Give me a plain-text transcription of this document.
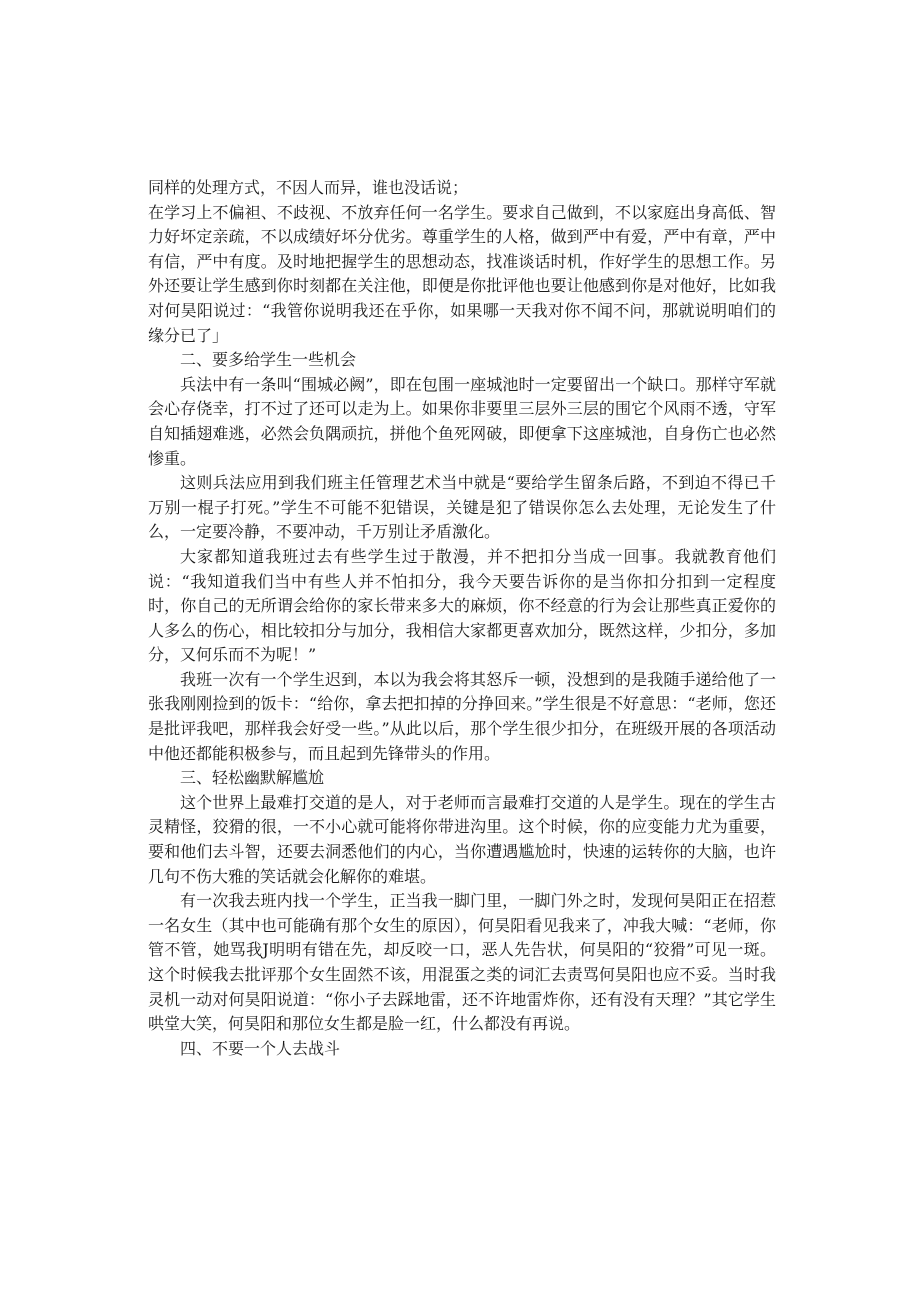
同样的处理方式，不因人而异，谁也没话说；

在学习上不偏袒、不歧视、不放弃任何一名学生。要求自己做到，不以家庭出身高低、智力好坏定亲疏，不以成绩好坏分优劣。尊重学生的人格，做到严中有爱，严中有章，严中有信，严中有度。及时地把握学生的思想动态，找准谈话时机，作好学生的思想工作。另外还要让学生感到你时刻都在关注他，即便是你批评他也要让他感到你是对他好，比如我对何昊阳说过：“我管你说明我还在乎你，如果哪一天我对你不闻不问，那就说明咱们的缘分已了」

二、要多给学生一些机会

兵法中有一条叫“围城必阙”，即在包围一座城池时一定要留出一个缺口。那样守军就会心存侥幸，打不过了还可以走为上。如果你非要里三层外三层的围它个风雨不透，守军自知插翅难逃，必然会负隅顽抗，拼他个鱼死网破，即便拿下这座城池，自身伤亡也必然惨重。

这则兵法应用到我们班主任管理艺术当中就是“要给学生留条后路，不到迫不得已千万别一棍子打死。”学生不可能不犯错误，关键是犯了错误你怎么去处理，无论发生了什么，一定要冷静，不要冲动，千万别让矛盾激化。

大家都知道我班过去有些学生过于散漫，并不把扣分当成一回事。我就教育他们说：“我知道我们当中有些人并不怕扣分，我今天要告诉你的是当你扣分扣到一定程度时，你自己的无所谓会给你的家长带来多大的麻烦，你不经意的行为会让那些真正爱你的人多么的伤心，相比较扣分与加分，我相信大家都更喜欢加分，既然这样，少扣分，多加分，又何乐而不为呢！”

我班一次有一个学生迟到，本以为我会将其怒斥一顿，没想到的是我随手递给他了一张我刚刚捡到的饭卡：“给你，拿去把扣掉的分挣回来。”学生很是不好意思：“老师，您还是批评我吧，那样我会好受一些。”从此以后，那个学生很少扣分，在班级开展的各项活动中他还都能积极参与，而且起到先锋带头的作用。

三、轻松幽默解尴尬

这个世界上最难打交道的是人，对于老师而言最难打交道的人是学生。现在的学生古灵精怪，狡猾的很，一不小心就可能将你带进沟里。这个时候，你的应变能力尤为重要，要和他们去斗智，还要去洞悉他们的内心，当你遭遇尴尬时，快速的运转你的大脑，也许几句不伤大雅的笑话就会化解你的难堪。

有一次我去班内找一个学生，正当我一脚门里，一脚门外之时，发现何昊阳正在招惹一名女生（其中也可能确有那个女生的原因），何昊阳看见我来了，冲我大喊：“老师，你管不管，她骂我J明明有错在先，却反咬一口，恶人先告状，何昊阳的“狡猾”可见一斑。这个时候我去批评那个女生固然不该，用混蛋之类的词汇去责骂何昊阳也应不妥。当时我灵机一动对何昊阳说道：“你小子去踩地雷，还不许地雷炸你，还有没有天理？”其它学生哄堂大笑，何昊阳和那位女生都是脸一红，什么都没有再说。

四、不要一个人去战斗
